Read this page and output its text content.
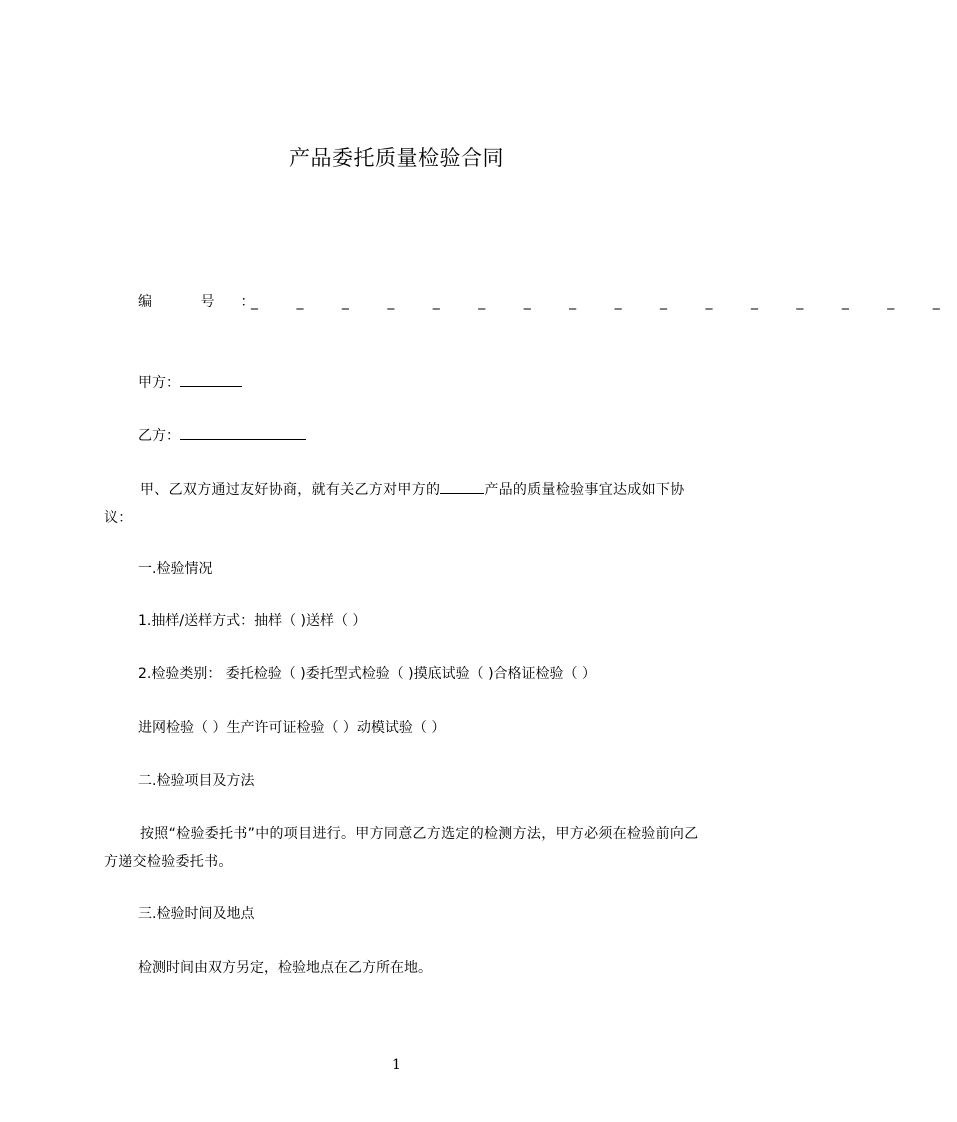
产品委托质量检验合同
编 号 ：
_ _ _ _ _ _ _ _ _ _ _ _ _ _ _ _
甲方：
乙方：
甲、乙双方通过友好协商，就有关乙方对甲方的	产品的质量检验事宜达成如下协议：
一.检验情况
1.抽样/送样方式：抽样（ )送样（ ）
2.检验类别： 委托检验（ )委托型式检验（ )摸底试验（ )合格证检验（ ）
进网检验（ ）生产许可证检验（ ）动模试验（ ）
二.检验项目及方法
按照“检验委托书”中的项目进行。甲方同意乙方选定的检测方法，甲方必须在检验前向乙方递交检验委托书。
三.检验时间及地点
检测时间由双方另定，检验地点在乙方所在地。
1
